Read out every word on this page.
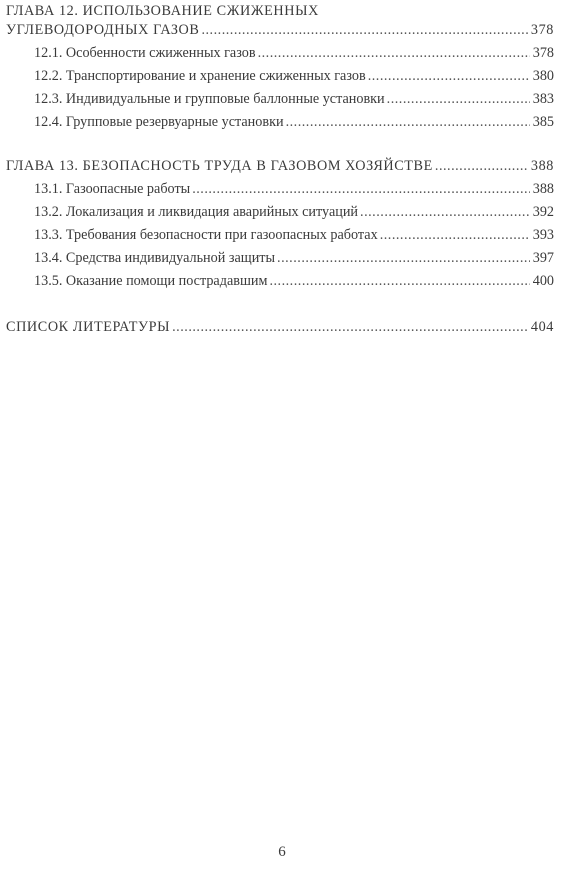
ГЛАВА 12. ИСПОЛЬЗОВАНИЕ СЖИЖЕННЫХ
УГЛЕВОДОРОДНЫХ ГАЗОВ .....	378
12.1. Особенности сжиженных газов .....	378
12.2. Транспортирование и хранение сжиженных газов .....	380
12.3. Индивидуальные и групповые баллонные установки .....	383
12.4. Групповые резервуарные установки .....	385
ГЛАВА 13. БЕЗОПАСНОСТЬ ТРУДА В ГАЗОВОМ ХОЗЯЙСТВЕ .....	388
13.1. Газоопасные работы .....	388
13.2. Локализация и ликвидация аварийных ситуаций .....	392
13.3. Требования безопасности при газоопасных работах .....	393
13.4. Средства индивидуальной защиты .....	397
13.5. Оказание помощи пострадавшим .....	400
СПИСОК ЛИТЕРАТУРЫ .....	404
6
